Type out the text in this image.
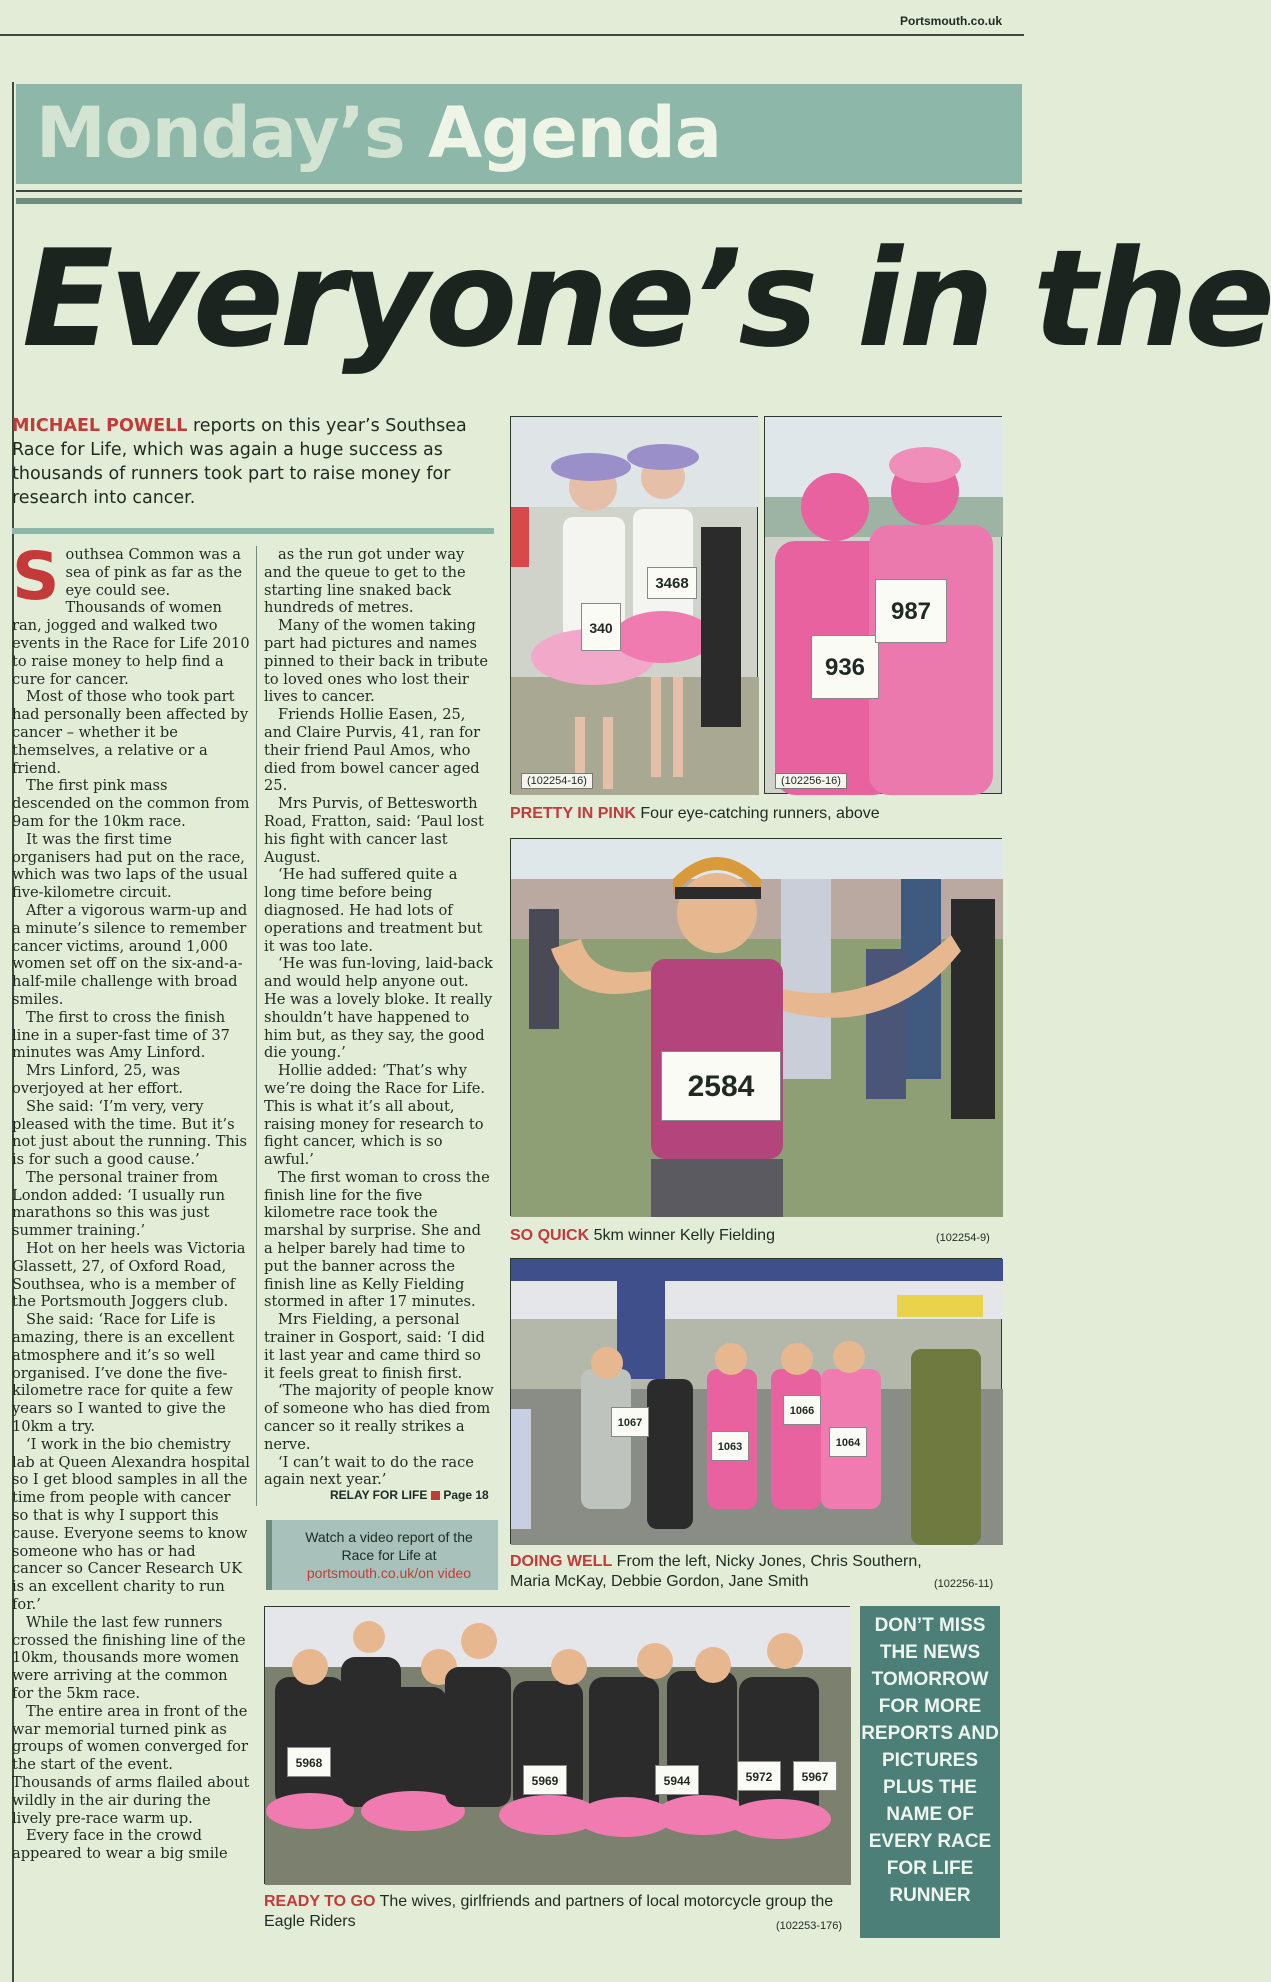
Portsmouth.co.uk
Monday’s Agenda
Everyone’s in the
MICHAEL POWELL reports on this year’s Southsea Race for Life, which was again a huge success as thousands of runners took part to raise money for research into cancer.

Southsea Common was a sea of pink as far as the eye could see. Thousands of women ran, jogged and walked two events in the Race for Life 2010 to raise money to help find a cure for cancer.

Most of those who took part had personally been affected by cancer – whether it be themselves, a relative or a friend.

The first pink mass descended on the common from 9am for the 10km race.

It was the first time organisers had put on the race, which was two laps of the usual five-kilometre circuit.

After a vigorous warm-up and a minute’s silence to remember cancer victims, around 1,000 women set off on the six-and-a-half-mile challenge with broad smiles.

The first to cross the finish line in a super-fast time of 37 minutes was Amy Linford.

Mrs Linford, 25, was overjoyed at her effort.

She said: ‘I’m very, very pleased with the time. But it’s not just about the running. This is for such a good cause.’

The personal trainer from London added: ‘I usually run marathons so this was just summer training.’

Hot on her heels was Victoria Glassett, 27, of Oxford Road, Southsea, who is a member of the Portsmouth Joggers club.

She said: ‘Race for Life is amazing, there is an excellent atmosphere and it’s so well organised. I’ve done the five-kilometre race for quite a few years so I wanted to give the 10km a try.

‘I work in the bio chemistry lab at Queen Alexandra hospital so I get blood samples in all the time from people with cancer so that is why I support this cause. Everyone seems to know someone who has or had cancer so Cancer Research UK is an excellent charity to run for.’

While the last few runners crossed the finishing line of the 10km, thousands more women were arriving at the common for the 5km race.

The entire area in front of the war memorial turned pink as groups of women converged for the start of the event. Thousands of arms flailed about wildly in the air during the lively pre-race warm up.

Every face in the crowd appeared to wear a big smile

as the run got under way and the queue to get to the starting line snaked back hundreds of metres.

Many of the women taking part had pictures and names pinned to their back in tribute to loved ones who lost their lives to cancer.

Friends Hollie Easen, 25, and Claire Purvis, 41, ran for their friend Paul Amos, who died from bowel cancer aged 25.

Mrs Purvis, of Bettesworth Road, Fratton, said: ‘Paul lost his fight with cancer last August.

‘He had suffered quite a long time before being diagnosed. He had lots of operations and treatment but it was too late.

‘He was fun-loving, laid-back and would help anyone out. He was a lovely bloke. It really shouldn’t have happened to him but, as they say, the good die young.’

Hollie added: ‘That’s why we’re doing the Race for Life. This is what it’s all about, raising money for research to fight cancer, which is so awful.’

The first woman to cross the finish line for the five kilometre race took the marshal by surprise. She and a helper barely had time to put the banner across the finish line as Kelly Fielding stormed in after 17 minutes.

Mrs Fielding, a personal trainer in Gosport, said: ‘I did it last year and came third so it feels great to finish first.

‘The majority of people know of someone who has died from cancer so it really strikes a nerve.

‘I can’t wait to do the race again next year.’

RELAY FOR LIFE Page 18
Watch a video report of the
Race for Life at
portsmouth.co.uk/on video
340
3468
(102254-16)
936
987
(102256-16)
PRETTY IN PINK Four eye-catching runners, above
2584
SO QUICK 5km winner Kelly Fielding	(102254-9)
1067
1063
1066
1064
DOING WELL From the left, Nicky Jones, Chris Southern, Maria McKay, Debbie Gordon, Jane Smith	(102256-11)
5968
5969	5944	5972	5967
READY TO GO The wives, girlfriends and partners of local motorcycle group the Eagle Riders	(102253-176)
DON’T MISS THE NEWS TOMORROW FOR MORE REPORTS AND PICTURES PLUS THE NAME OF EVERY RACE FOR LIFE RUNNER
